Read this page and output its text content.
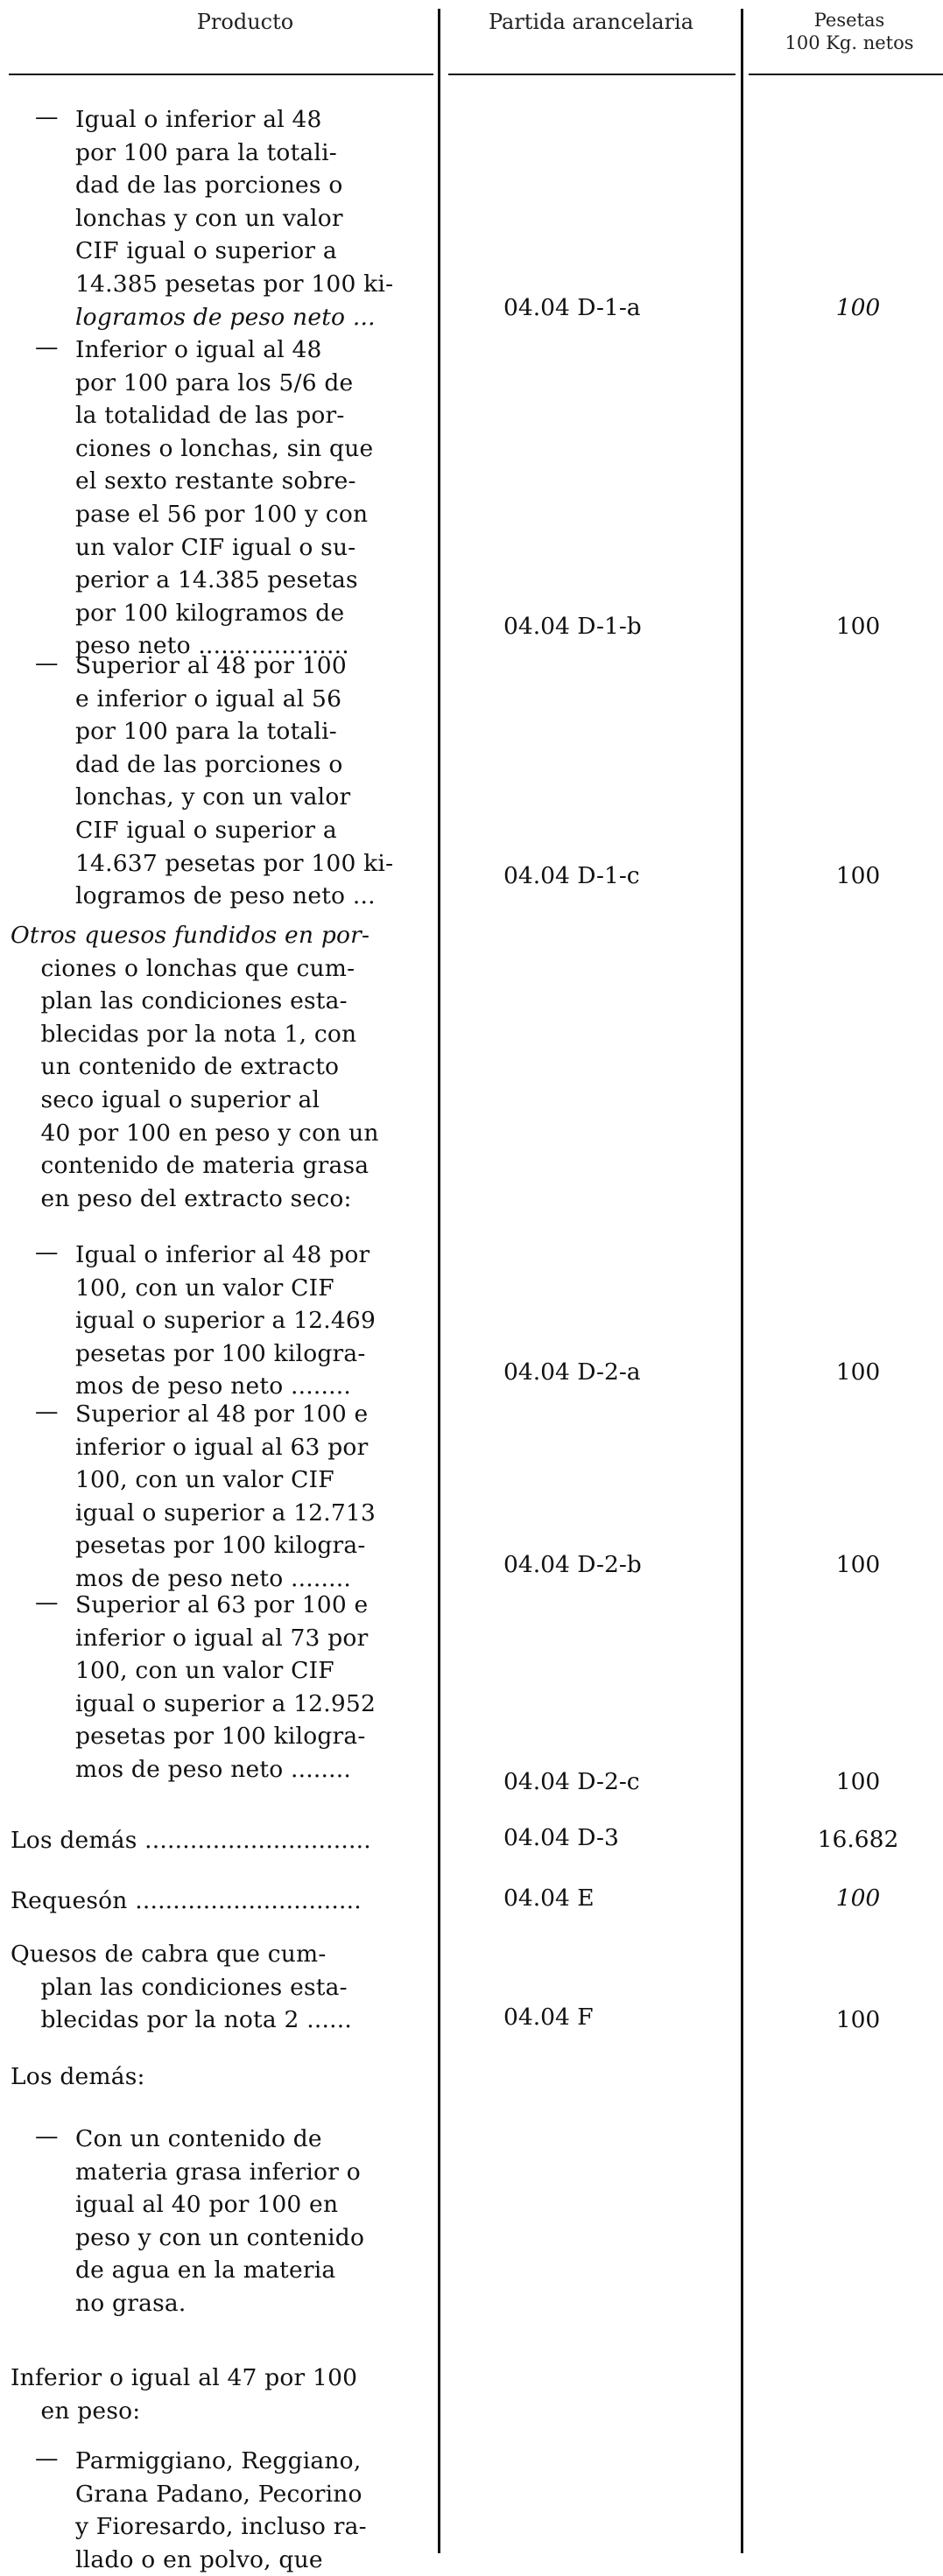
Producto	Partida arancelaria	Pesetas
100 Kg. netos
— Igual o inferior al 48
por 100 para la totali-
dad de las porciones o
lonchas y con un valor
CIF igual o superior a
14.385 pesetas por 100 ki-
logramos de peso neto ...	04.04 D-1-a	100
— Inferior o igual al 48
por 100 para los 5/6 de
la totalidad de las por-
ciones o lonchas, sin que
el sexto restante sobre-
pase el 56 por 100 y con
un valor CIF igual o su-
perior a 14.385 pesetas
por 100 kilogramos de
peso neto ....................
04.04 D-1-b	100
— Superior al 48 por 100
e inferior o igual al 56
por 100 para la totali-
dad de las porciones o
lonchas, y con un valor
CIF igual o superior a
14.637 pesetas por 100 ki-
logramos de peso neto ...
04.04 D-1-c	100
Otros quesos fundidos en por-
ciones o lonchas que cum-
plan las condiciones esta-
blecidas por la nota 1, con
un contenido de extracto
seco igual o superior al
40 por 100 en peso y con un
contenido de materia grasa
en peso del extracto seco:
— Igual o inferior al 48 por
100, con un valor CIF
igual o superior a 12.469
pesetas por 100 kilogra-
mos de peso neto ........
04.04 D-2-a	100
— Superior al 48 por 100 e
inferior o igual al 63 por
100, con un valor CIF
igual o superior a 12.713
pesetas por 100 kilogra-
mos de peso neto ........
04.04 D-2-b	100
— Superior al 63 por 100 e
inferior o igual al 73 por
100, con un valor CIF
igual o superior a 12.952
pesetas por 100 kilogra-
mos de peso neto ........	04.04 D-2-c	100
Los demás ..............................	04.04 D-3	16.682
Requesón ..............................	04.04 E	100
Quesos de cabra que cum-
plan las condiciones esta-
blecidas por la nota 2 ......	04.04 F	100
Los demás:
— Con un contenido de
materia grasa inferior o
igual al 40 por 100 en
peso y con un contenido
de agua en la materia
no grasa.
Inferior o igual al 47 por 100
en peso:
— Parmiggiano, Reggiano,
Grana Padano, Pecorino
y Fioresardo, incluso ra-
llado o en polvo, que
